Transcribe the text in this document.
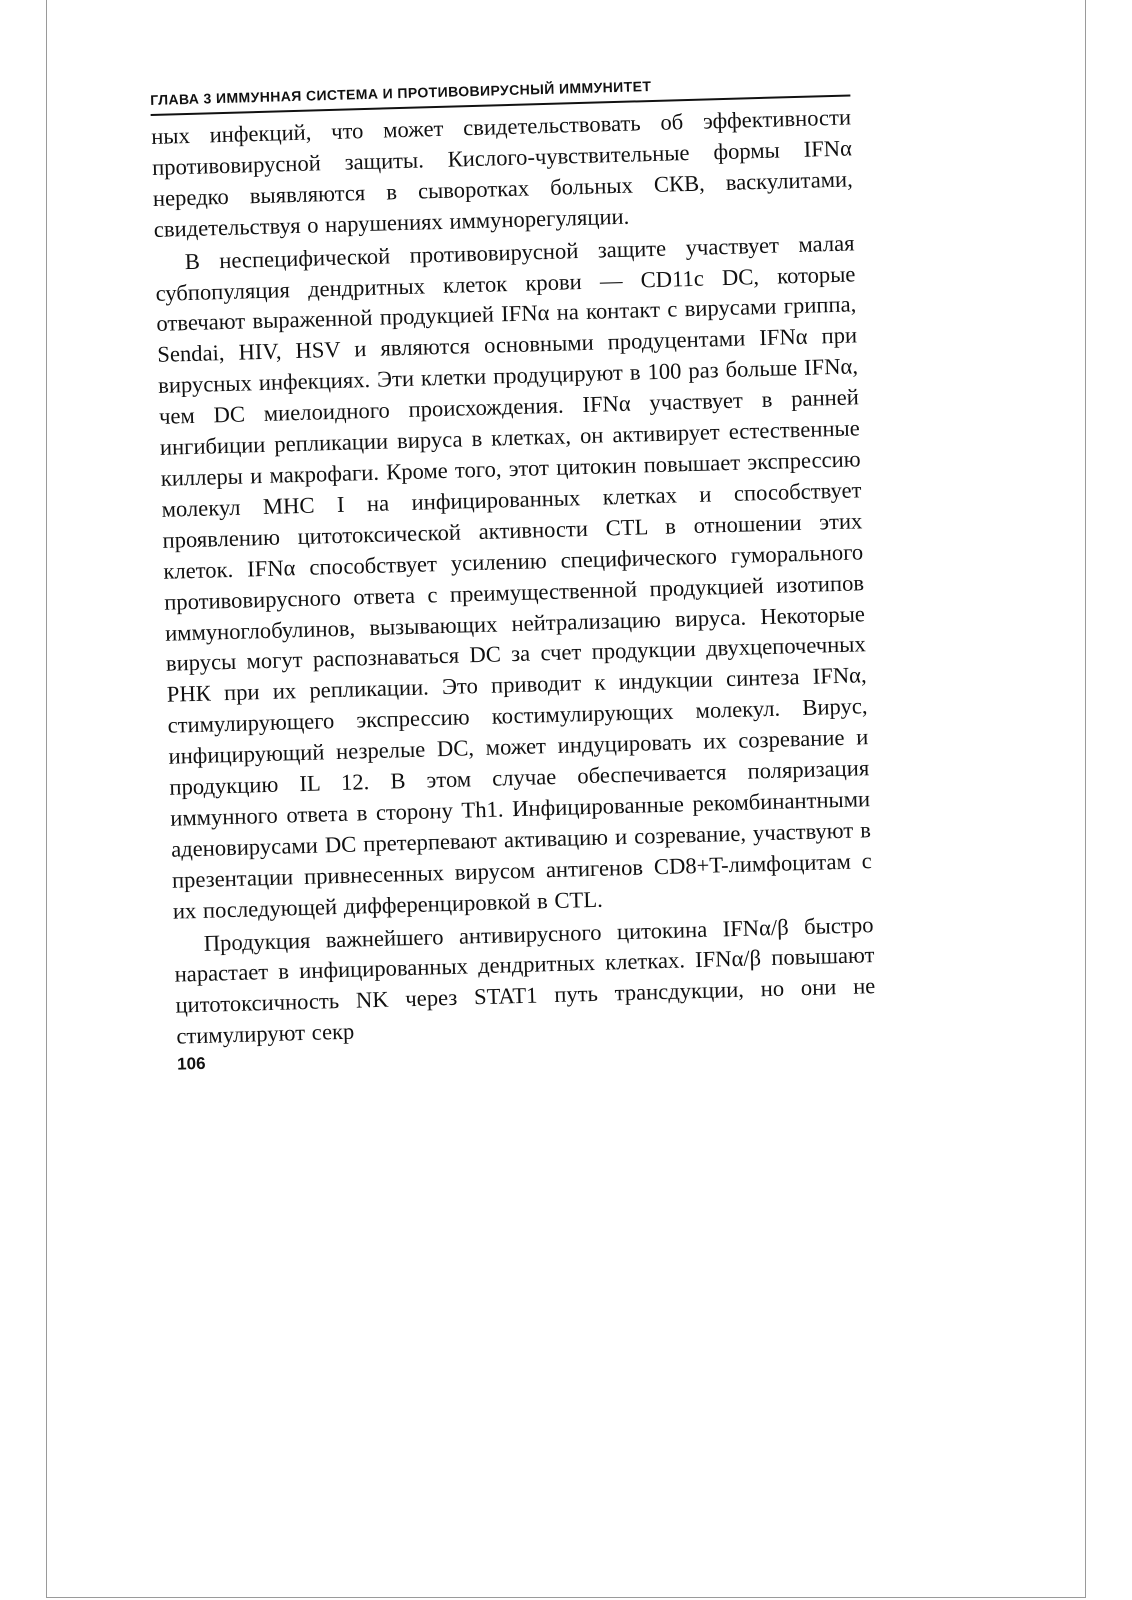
ГЛАВА 3 ИММУННАЯ СИСТЕМА И ПРОТИВОВИРУСНЫЙ ИММУНИТЕТ

ных инфекций, что может свидетельствовать об эффективности противовирусной защиты. Кислого-чувствительные формы IFNα нередко выявляются в сыворотках больных СКВ, васкулитами, свидетельствуя о нарушениях иммунорегуляции.

В неспецифической противовирусной защите участвует малая субпопуляция дендритных клеток крови — CD11c DC, которые отвечают выраженной продукцией IFNα на контакт с вирусами гриппа, Sendai, HIV, HSV и являются основными продуцентами IFNα при вирусных инфекциях. Эти клетки продуцируют в 100 раз больше IFNα, чем DC миелоидного происхождения. IFNα участвует в ранней ингибиции репликации вируса в клетках, он активирует естественные киллеры и макрофаги. Кроме того, этот цитокин повышает экспрессию молекул MHC I на инфицированных клетках и способствует проявлению цитотоксической активности CTL в отношении этих клеток. IFNα способствует усилению специфического гуморального противовирусного ответа с преимущественной продукцией изотипов иммуноглобулинов, вызывающих нейтрализацию вируса. Некоторые вирусы могут распознаваться DC за счет продукции двухцепочечных РНК при их репликации. Это приводит к индукции синтеза IFNα, стимулирующего экспрессию костимулирующих молекул. Вирус, инфицирующий незрелые DC, может индуцировать их созревание и продукцию IL 12. В этом случае обеспечивается поляризация иммунного ответа в сторону Th1. Инфицированные рекомбинантными аденовирусами DC претерпевают активацию и созревание, участвуют в презентации привнесенных вирусом антигенов CD8+T-лимфоцитам с их последующей дифференцировкой в CTL.

Продукция важнейшего антивирусного цитокина IFNα/β быстро нарастает в инфицированных дендритных клетках. IFNα/β повышают цитотоксичность NK через STAT1 путь трансдукции, но они не стимулируют секр

106
